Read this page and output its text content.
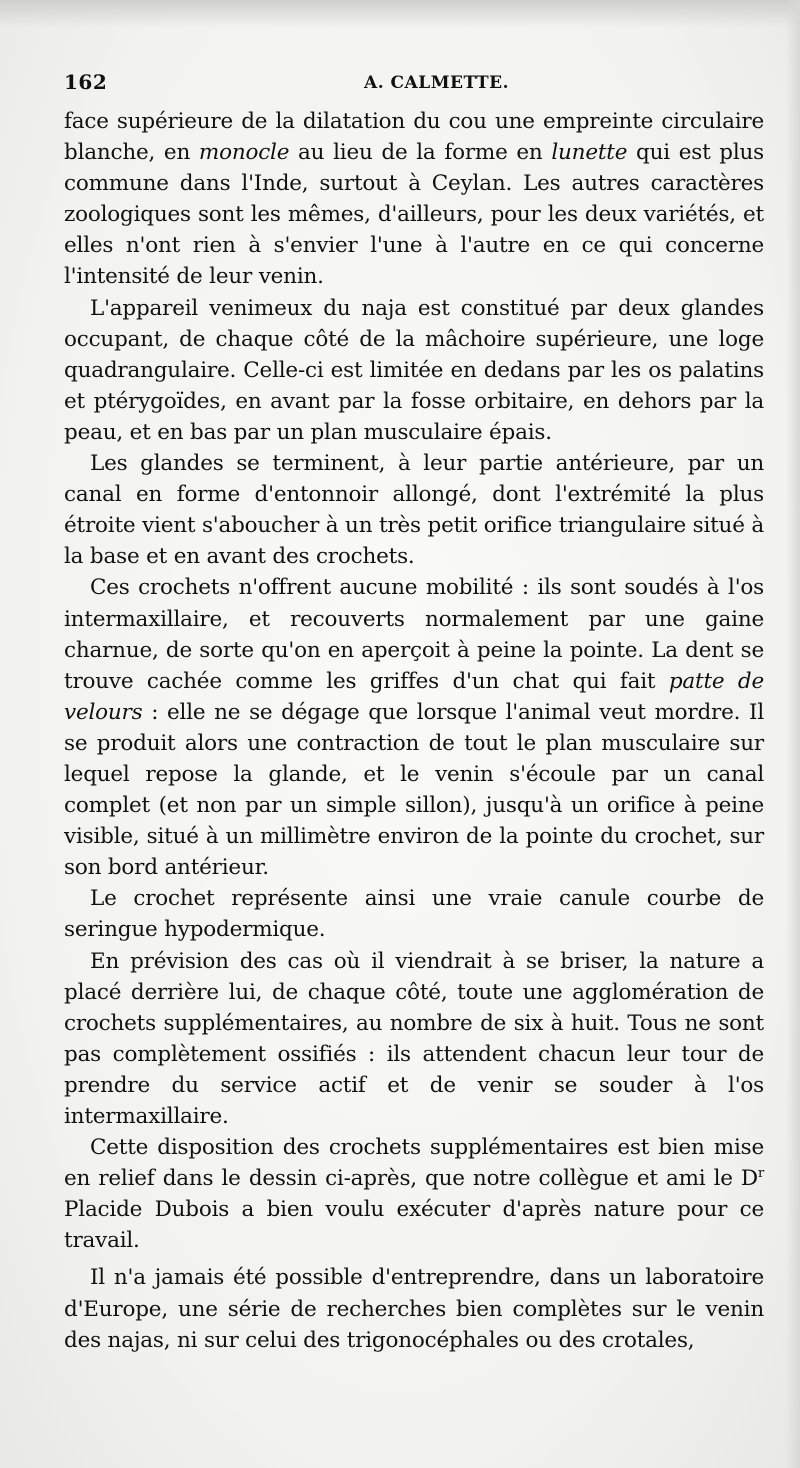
162	A. CALMETTE.

face supérieure de la dilatation du cou une empreinte circulaire blanche, en monocle au lieu de la forme en lunette qui est plus commune dans l'Inde, surtout à Ceylan. Les autres caractères zoologiques sont les mêmes, d'ailleurs, pour les deux variétés, et elles n'ont rien à s'envier l'une à l'autre en ce qui concerne l'intensité de leur venin.

L'appareil venimeux du naja est constitué par deux glandes occupant, de chaque côté de la mâchoire supérieure, une loge quadrangulaire. Celle-ci est limitée en dedans par les os palatins et ptérygoïdes, en avant par la fosse orbitaire, en dehors par la peau, et en bas par un plan musculaire épais.

Les glandes se terminent, à leur partie antérieure, par un canal en forme d'entonnoir allongé, dont l'extrémité la plus étroite vient s'aboucher à un très petit orifice triangulaire situé à la base et en avant des crochets.

Ces crochets n'offrent aucune mobilité : ils sont soudés à l'os intermaxillaire, et recouverts normalement par une gaine charnue, de sorte qu'on en aperçoit à peine la pointe. La dent se trouve cachée comme les griffes d'un chat qui fait patte de velours : elle ne se dégage que lorsque l'animal veut mordre. Il se produit alors une contraction de tout le plan musculaire sur lequel repose la glande, et le venin s'écoule par un canal complet (et non par un simple sillon), jusqu'à un orifice à peine visible, situé à un millimètre environ de la pointe du crochet, sur son bord antérieur.

Le crochet représente ainsi une vraie canule courbe de seringue hypodermique.

En prévision des cas où il viendrait à se briser, la nature a placé derrière lui, de chaque côté, toute une agglomération de crochets supplémentaires, au nombre de six à huit. Tous ne sont pas complètement ossifiés : ils attendent chacun leur tour de prendre du service actif et de venir se souder à l'os intermaxillaire.

Cette disposition des crochets supplémentaires est bien mise en relief dans le dessin ci-après, que notre collègue et ami le $D^r$ Placide Dubois a bien voulu exécuter d'après nature pour ce travail.

Il n'a jamais été possible d'entreprendre, dans un laboratoire d'Europe, une série de recherches bien complètes sur le venin des najas, ni sur celui des trigonocéphales ou des crotales,
